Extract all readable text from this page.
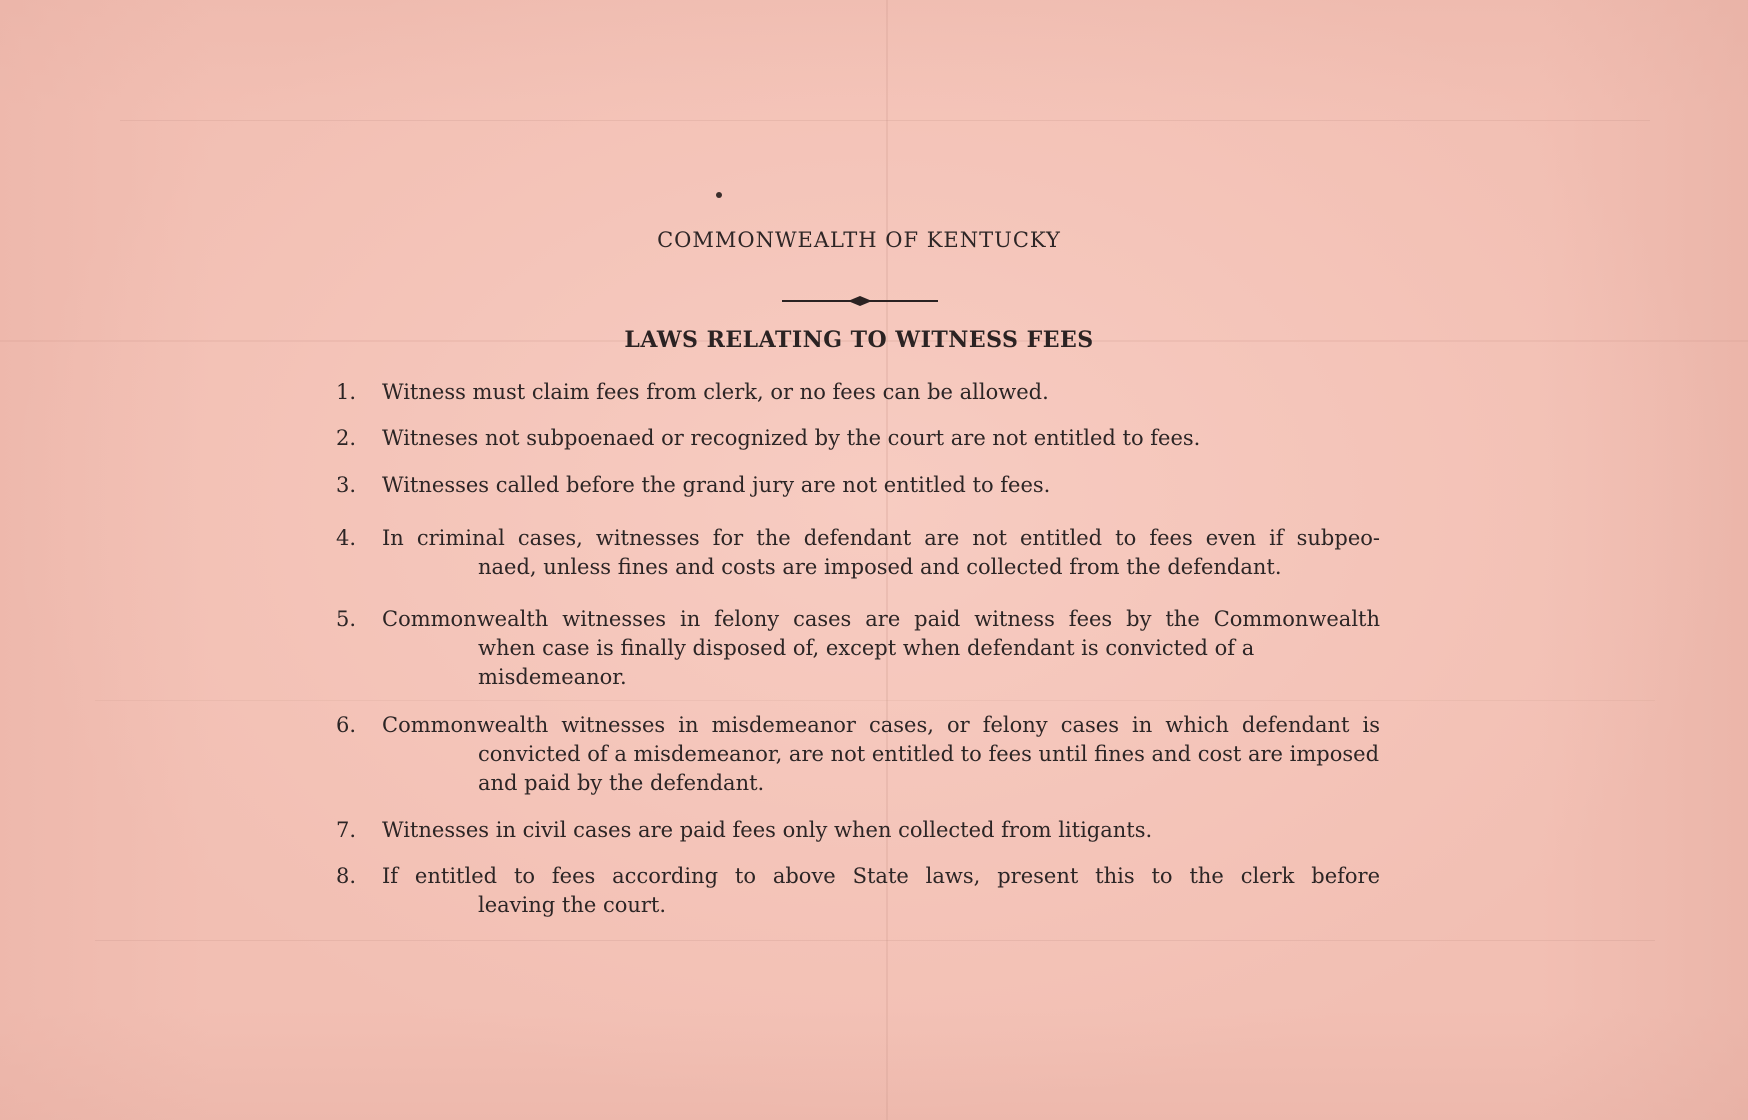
COMMONWEALTH OF KENTUCKY
LAWS RELATING TO WITNESS FEES
1.	Witness must claim fees from clerk, or no fees can be allowed.
2.	Witneses not subpoenaed or recognized by the court are not entitled to fees.
3.	Witnesses called before the grand jury are not entitled to fees.
4.	In criminal cases, witnesses for the defendant are not entitled to fees even if subpeo-
naed, unless fines and costs are imposed and collected from the defendant.
5.	Commonwealth witnesses in felony cases are paid witness fees by the Commonwealth
when case is finally disposed of, except when defendant is convicted of a misdemeanor.
6.	Commonwealth witnesses in misdemeanor cases, or felony cases in which defendant is
convicted of a misdemeanor, are not entitled to fees until fines and cost are imposed and paid by the defendant.
7.	Witnesses in civil cases are paid fees only when collected from litigants.
8.	If entitled to fees according to above State laws, present this to the clerk before
leaving the court.
